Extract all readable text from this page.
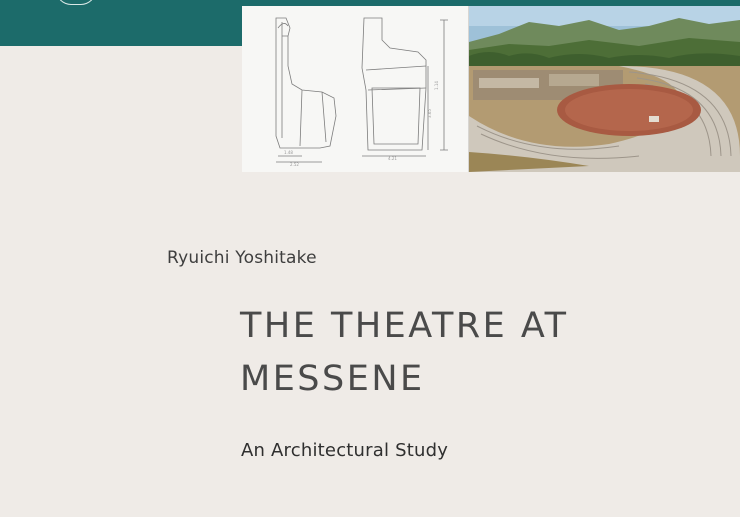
1.48
2.52
4.21
1.14
3.65
Ryuichi Yoshitake
THE THEATRE AT
MESSENE
An Architectural Study
